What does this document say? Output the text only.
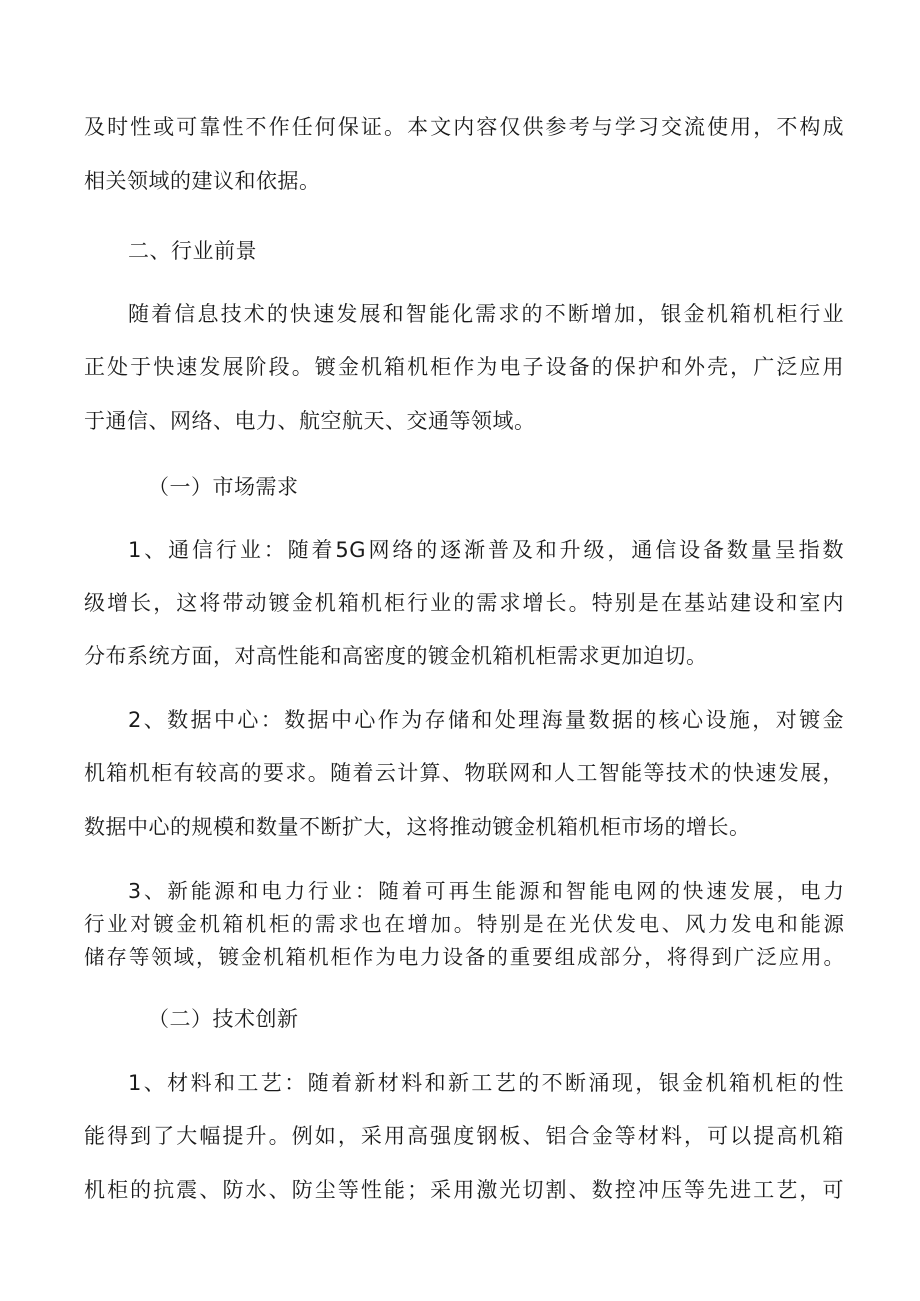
及时性或可靠性不作任何保证。本文内容仅供参考与学习交流使用，不构成
相关领域的建议和依据。
二、行业前景
随着信息技术的快速发展和智能化需求的不断增加，银金机箱机柜行业
正处于快速发展阶段。镀金机箱机柜作为电子设备的保护和外壳，广泛应用
于通信、网络、电力、航空航天、交通等领域。
（一）市场需求
1、通信行业：随着5G网络的逐渐普及和升级，通信设备数量呈指数
级增长，这将带动镀金机箱机柜行业的需求增长。特别是在基站建设和室内
分布系统方面，对高性能和高密度的镀金机箱机柜需求更加迫切。
2、数据中心：数据中心作为存储和处理海量数据的核心设施，对镀金
机箱机柜有较高的要求。随着云计算、物联网和人工智能等技术的快速发展，
数据中心的规模和数量不断扩大，这将推动镀金机箱机柜市场的增长。
3、新能源和电力行业：随着可再生能源和智能电网的快速发展，电力
行业对镀金机箱机柜的需求也在增加。特别是在光伏发电、风力发电和能源
储存等领域，镀金机箱机柜作为电力设备的重要组成部分，将得到广泛应用。
（二）技术创新
1、材料和工艺：随着新材料和新工艺的不断涌现，银金机箱机柜的性
能得到了大幅提升。例如，采用高强度钢板、铝合金等材料，可以提高机箱
机柜的抗震、防水、防尘等性能；采用激光切割、数控冲压等先进工艺，可
